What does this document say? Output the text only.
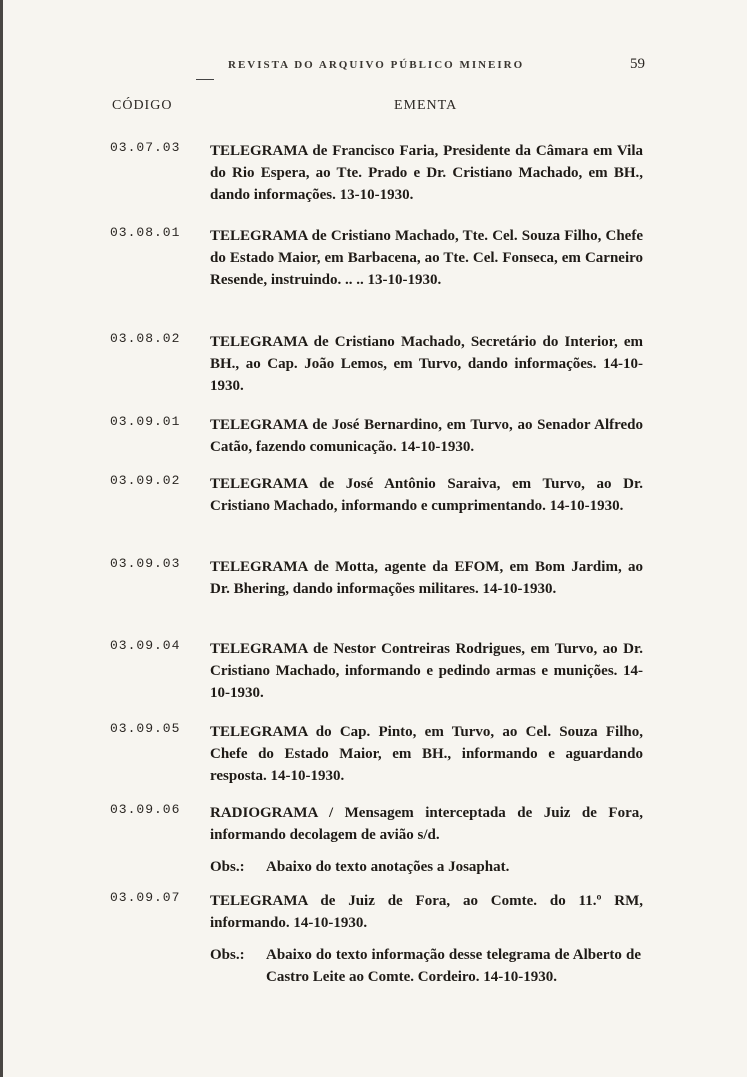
REVISTA DO ARQUIVO PÚBLICO MINEIRO	59
CÓDIGO	EMENTA
03.07.03 TELEGRAMA de Francisco Faria, Presidente da Câmara em Vila do Rio Espera, ao Tte. Prado e Dr. Cristiano Machado, em BH., dando informações. 13-10-1930.
03.08.01 TELEGRAMA de Cristiano Machado, Tte. Cel. Souza Filho, Chefe do Estado Maior, em Barbacena, ao Tte. Cel. Fonseca, em Carneiro Resende, instruindo. .. .. 13-10-1930.
03.08.02 TELEGRAMA de Cristiano Machado, Secretário do Interior, em BH., ao Cap. João Lemos, em Turvo, dando informações. 14-10-1930.
03.09.01 TELEGRAMA de José Bernardino, em Turvo, ao Senador Alfredo Catão, fazendo comunicação. 14-10-1930.
03.09.02 TELEGRAMA de José Antônio Saraiva, em Turvo, ao Dr. Cristiano Machado, informando e cumprimentando. 14-10-1930.
03.09.03 TELEGRAMA de Motta, agente da EFOM, em Bom Jardim, ao Dr. Bhering, dando informações militares. 14-10-1930.
03.09.04 TELEGRAMA de Nestor Contreiras Rodrigues, em Turvo, ao Dr. Cristiano Machado, informando e pedindo armas e munições. 14-10-1930.
03.09.05 TELEGRAMA do Cap. Pinto, em Turvo, ao Cel. Souza Filho, Chefe do Estado Maior, em BH., informando e aguardando resposta. 14-10-1930.
03.09.06 RADIOGRAMA / Mensagem interceptada de Juiz de Fora, informando decolagem de avião s/d.
Obs.: Abaixo do texto anotações a Josaphat.
03.09.07 TELEGRAMA de Juiz de Fora, ao Comte. do 11.º RM, informando. 14-10-1930.
Obs.: Abaixo do texto informação desse telegrama de Alberto de Castro Leite ao Comte. Cordeiro. 14-10-1930.
